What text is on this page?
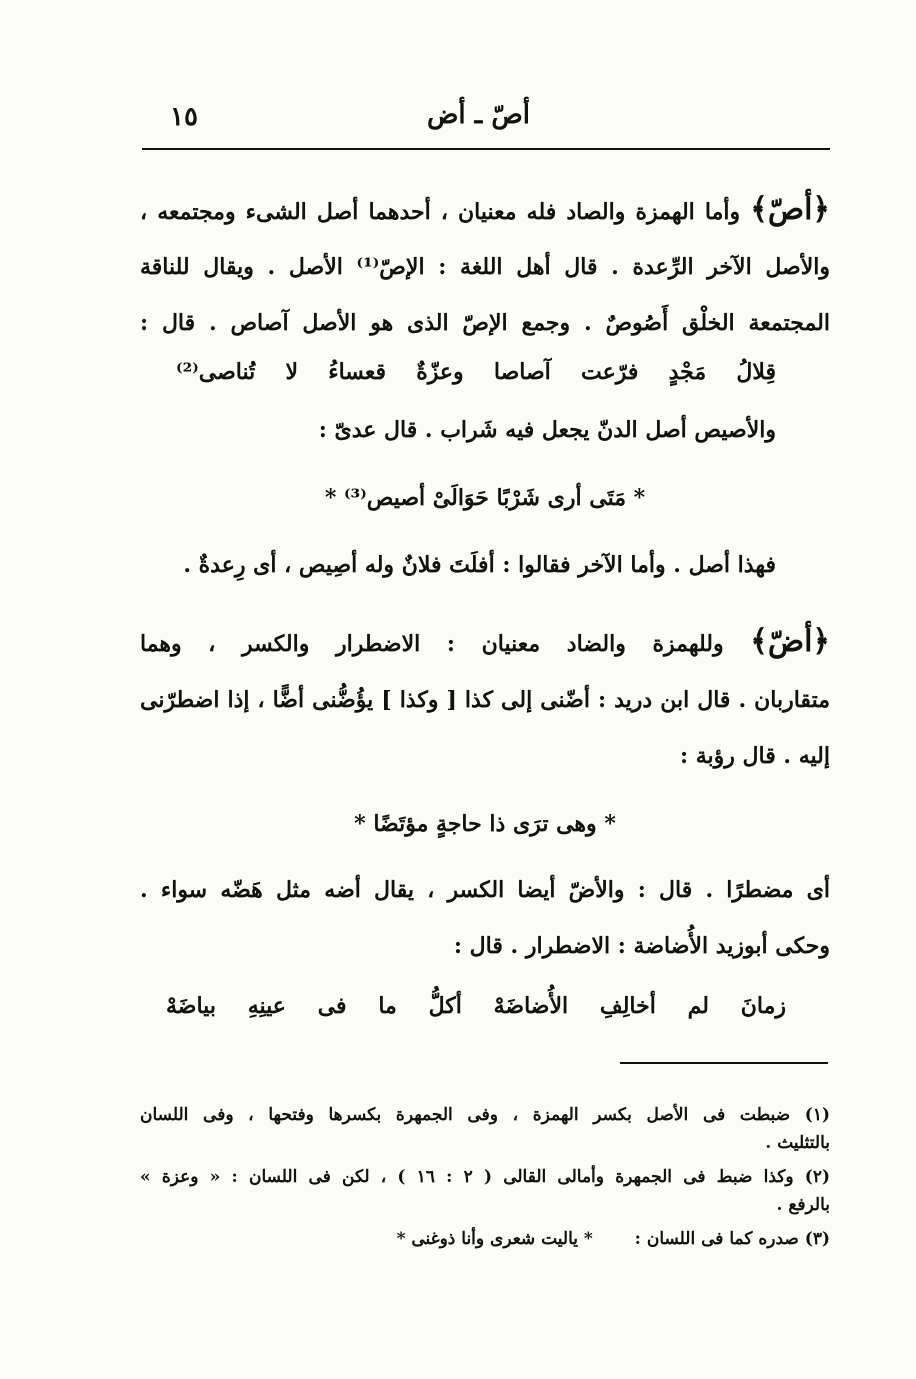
أصّ ـ أض
١٥
﴿أصّ﴾ وأما الهمزة والصاد فله معنيان ، أحدهما أصل الشىء ومجتمعه ،
والأصل الآخر الرِّعدة . قال أهل اللغة : الإصّ⁽¹⁾ الأصل . ويقال للناقة
المجتمعة الخلْق أَصُوصٌ . وجمع الإصّ الذى هو الأصل آصاص . قال :
قِلالُ مَجْدٍ فرّعت آصاصا وعزّةٌ قعساءُ لا تُناصى⁽²⁾
والأصيص أصل الدنّ يجعل فيه شَراب . قال عدىّ :
* مَتَى أرى شَرْبًا حَوَالَىْ أصيص⁽³⁾ *
فهذا أصل . وأما الآخر فقالوا : أفلَتَ فلانٌ وله أصِيص ، أى رِعدةٌ .
﴿أضّ﴾ وللهمزة والضاد معنيان : الاضطرار والكسر ، وهما
متقاربان . قال ابن دريد : أضّنى إلى كذا [ وكذا ] يؤُضُّنى أضًّا ، إذا اضطرّنى
إليه . قال رؤبة :
* وهى ترَى ذا حاجةٍ مؤتَضًا *
أى مضطرًا . قال : والأضّ أيضا الكسر ، يقال أضه مثل هَضّه سواء .
وحكى أبوزيد الأُضاضة : الاضطرار . قال :
زمانَ لم أخالِفِ الأُضاضَهْ أكلُّ ما فى عينِهِ بياضَهْ
(١) ضبطت فى الأصل بكسر الهمزة ، وفى الجمهرة بكسرها وفتحها ، وفى اللسان
بالتثليث .
(٢) وكذا ضبط فى الجمهرة وأمالى القالى ( ٢ : ١٦ ) ، لكن فى اللسان : « وعزة »
بالرفع .
(٣) صدره كما فى اللسان :  * ياليت شعرى وأنا ذوغنى *
